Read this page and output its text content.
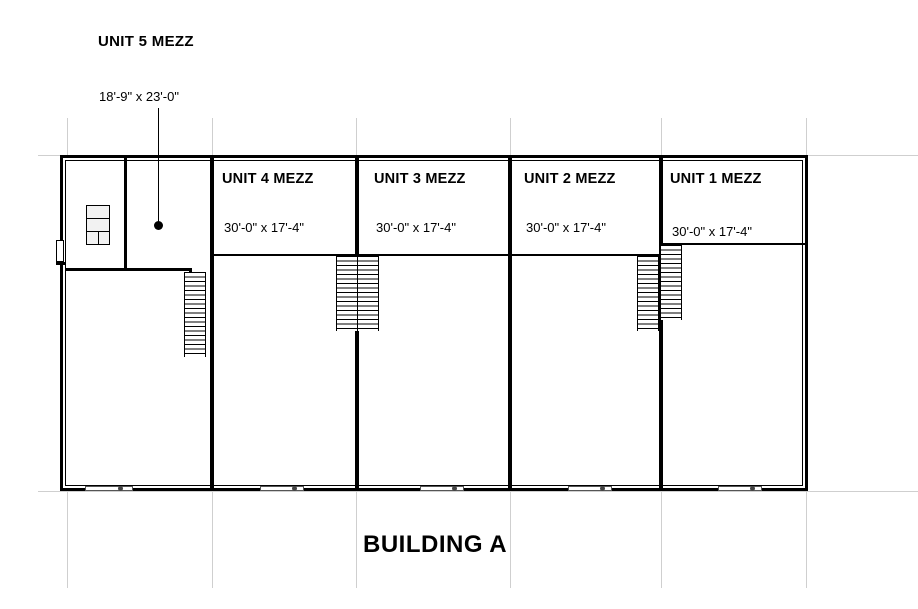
UNIT 4 MEZZ
30'-0" x 17'-4"
UNIT 3 MEZZ
30'-0" x 17'-4"
UNIT 2 MEZZ
30'-0" x 17'-4"
UNIT 1 MEZZ
30'-0" x 17'-4"
UNIT 5 MEZZ
18'-9" x 23'-0"
BUILDING A
